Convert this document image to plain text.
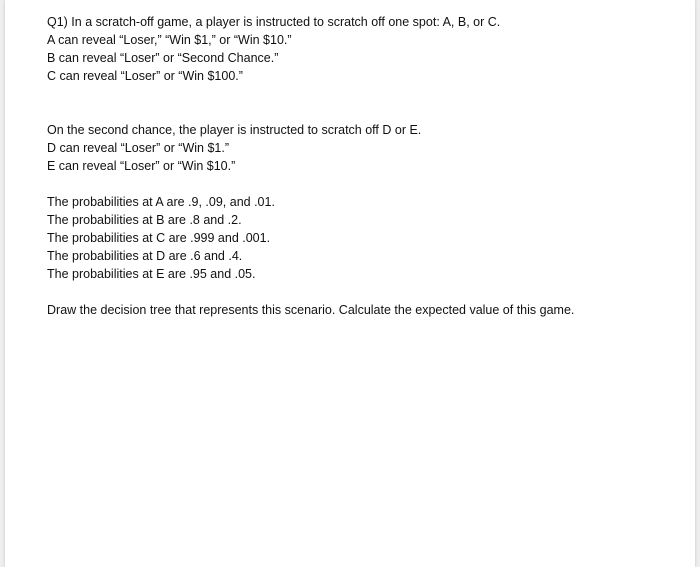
Q1) In a scratch-off game, a player is instructed to scratch off one spot: A, B, or C.
A can reveal “Loser,” “Win $1,” or “Win $10.”
B can reveal “Loser” or “Second Chance.”
C can reveal “Loser” or “Win $100.”
On the second chance, the player is instructed to scratch off D or E.
D can reveal “Loser” or “Win $1.”
E can reveal “Loser” or “Win $10.”
The probabilities at A are .9, .09, and .01.
The probabilities at B are .8 and .2.
The probabilities at C are .999 and .001.
The probabilities at D are .6 and .4.
The probabilities at E are .95 and .05.
Draw the decision tree that represents this scenario. Calculate the expected value of this game.
